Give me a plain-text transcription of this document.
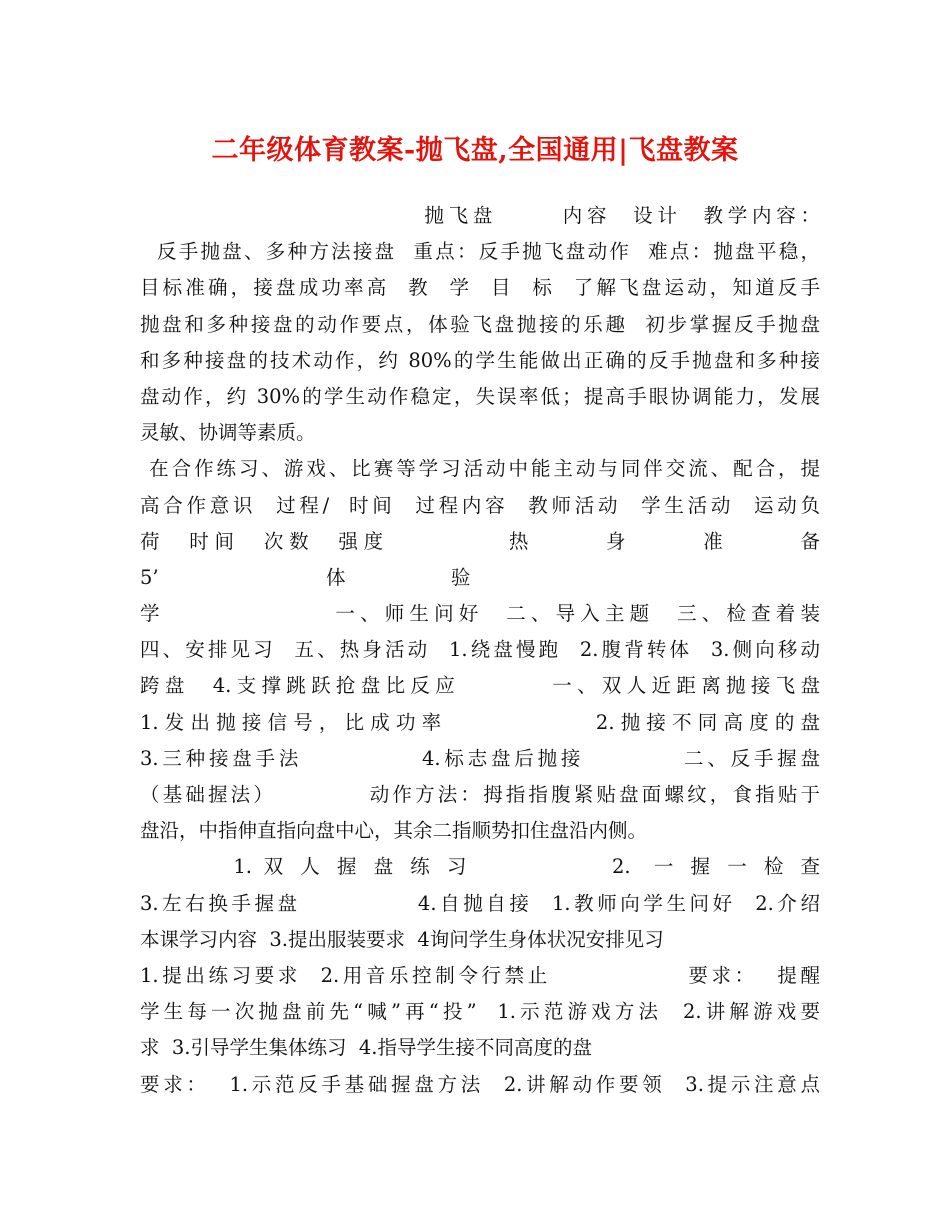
二年级体育教案-抛飞盘,全国通用|飞盘教案
抛飞盘      内容  设计  教学内容：
反手抛盘、多种方法接盘  重点：反手抛飞盘动作  难点：抛盘平稳，
目标准确，接盘成功率高  教  学  目  标  了解飞盘运动，知道反手
抛盘和多种接盘的动作要点，体验飞盘抛接的乐趣  初步掌握反手抛盘
和多种接盘的技术动作，约 80%的学生能做出正确的反手抛盘和多种接
盘动作，约 30%的学生动作稳定，失误率低；提高手眼协调能力，发展
灵敏、协调等素质。
在合作练习、游戏、比赛等学习活动中能主动与同伴交流、配合，提
高合作意识  过程/  时间  过程内容  教师活动  学生活动  运动负
荷  时间  次数  强度          热      身      准      备
5’                           体                 验
学               一、师生问好  二、导入主题  三、检查着装
四、安排见习  五、热身活动  1.绕盘慢跑  2.腹背转体  3.侧向移动
跨盘  4.支撑跳跃抢盘比反应        一、双人近距离抛接飞盘
1.发出抛接信号，比成功率            2.抛接不同高度的盘
3.三种接盘手法            4.标志盘后抛接          二、反手握盘
（基础握法）          动作方法：拇指指腹紧贴盘面螺纹，食指贴于
盘沿，中指伸直指向盘中心，其余二指顺势扣住盘沿内侧。
1. 双 人 握 盘 练 习            2.  一 握 一 检 查
3.左右换手握盘            4.自抛自接  1.教师向学生问好  2.介绍
本课学习内容  3.提出服装要求  4询问学生身体状况安排见习
1.提出练习要求  2.用音乐控制令行禁止              要求：  提醒
学生每一次抛盘前先“喊”再“投”  1.示范游戏方法  2.讲解游戏要
求  3.引导学生集体练习  4.指导学生接不同高度的盘
要求：  1.示范反手基础握盘方法  2.讲解动作要领  3.提示注意点
